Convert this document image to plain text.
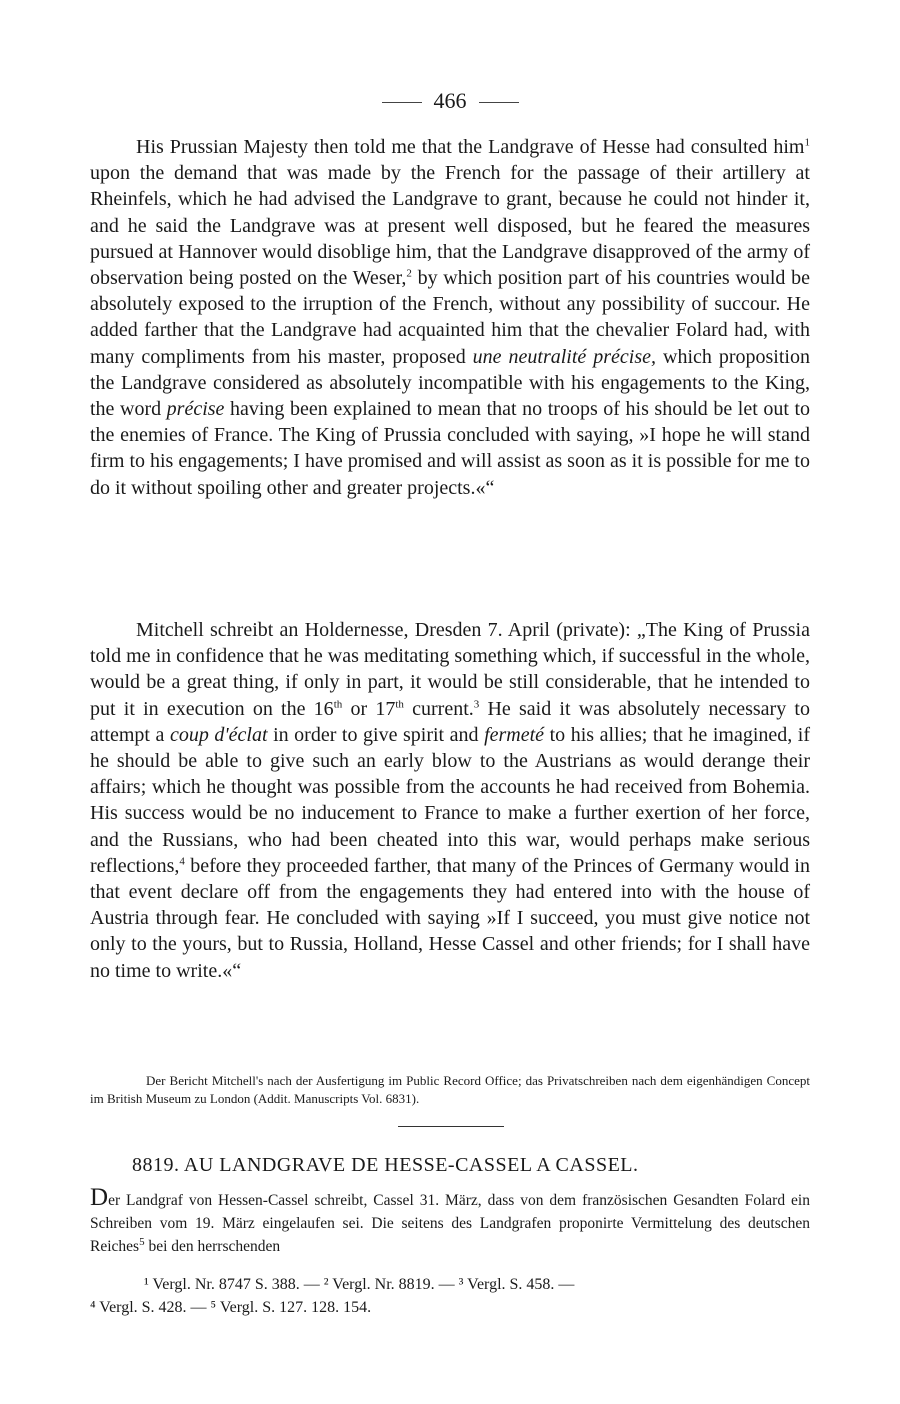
466
His Prussian Majesty then told me that the Landgrave of Hesse had consulted him$^1$ upon the demand that was made by the French for the passage of their artillery at Rheinfels, which he had advised the Landgrave to grant, because he could not hinder it, and he said the Landgrave was at present well disposed, but he feared the measures pursued at Hannover would disoblige him, that the Landgrave disapproved of the army of observation being posted on the Weser,$^2$ by which position part of his countries would be absolutely exposed to the irruption of the French, without any possibility of succour. He added farther that the Landgrave had acquainted him that the chevalier Folard had, with many compliments from his master, proposed une neutralité précise, which proposition the Landgrave considered as absolutely incompatible with his engagements to the King, the word précise having been explained to mean that no troops of his should be let out to the enemies of France. The King of Prussia concluded with saying, »I hope he will stand firm to his engagements; I have promised and will assist as soon as it is possible for me to do it without spoiling other and greater projects.«“
Mitchell schreibt an Holdernesse, Dresden 7. April (private): „The King of Prussia told me in confidence that he was meditating something which, if successful in the whole, would be a great thing, if only in part, it would be still considerable, that he intended to put it in execution on the 16th or 17th current.$^3$ He said it was absolutely necessary to attempt a coup d'éclat in order to give spirit and fermeté to his allies; that he imagined, if he should be able to give such an early blow to the Austrians as would derange their affairs; which he thought was possible from the accounts he had received from Bohemia. His success would be no inducement to France to make a further exertion of her force, and the Russians, who had been cheated into this war, would perhaps make serious reflections,$^4$ before they proceeded farther, that many of the Princes of Germany would in that event declare off from the engagements they had entered into with the house of Austria through fear. He concluded with saying »If I succeed, you must give notice not only to the yours, but to Russia, Holland, Hesse Cassel and other friends; for I shall have no time to write.«“
Der Bericht Mitchell's nach der Ausfertigung im Public Record Office; das Privatschreiben nach dem eigenhändigen Concept im British Museum zu London (Addit. Manuscripts Vol. 6831).
8819. AU LANDGRAVE DE HESSE-CASSEL A CASSEL.
Der Landgraf von Hessen-Cassel schreibt, Cassel 31. März, dass von dem französischen Gesandten Folard ein Schreiben vom 19. März eingelaufen sei. Die seitens des Landgrafen proponirte Vermittelung des deutschen Reiches$^5$ bei den herrschenden
¹ Vergl. Nr. 8747 S. 388. — ² Vergl. Nr. 8819. — ³ Vergl. S. 458. —
⁴ Vergl. S. 428. — ⁵ Vergl. S. 127. 128. 154.
